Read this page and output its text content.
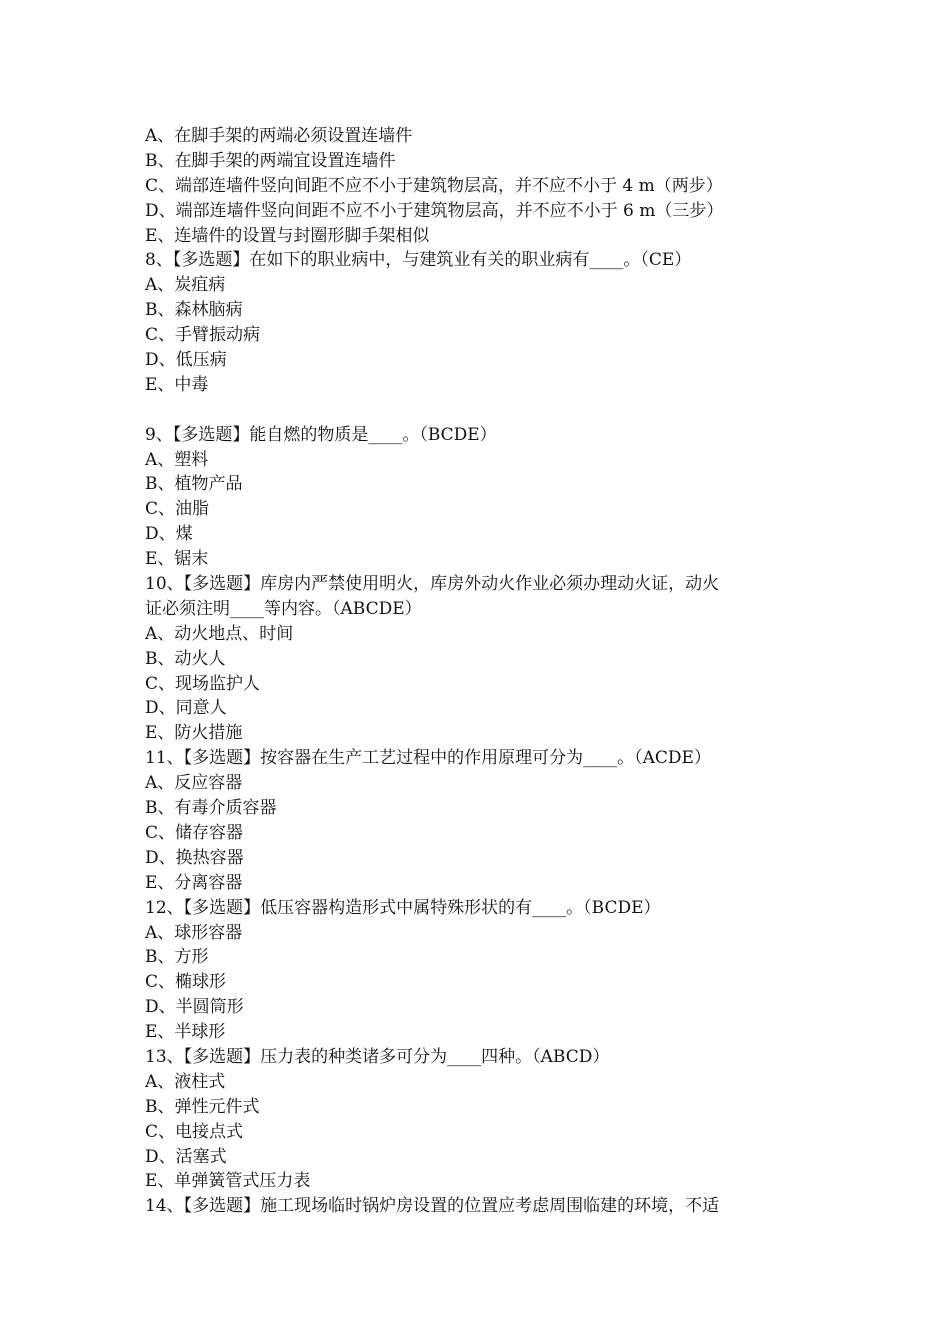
A、在脚手架的两端必须设置连墙件
B、在脚手架的两端宜设置连墙件
C、端部连墙件竖向间距不应不小于建筑物层高，并不应不小于 4 m（两步）
D、端部连墙件竖向间距不应不小于建筑物层高，并不应不小于 6 m（三步）
E、连墙件的设置与封圈形脚手架相似
8、【多选题】在如下的职业病中，与建筑业有关的职业病有____。（CE）
A、炭疽病
B、森林脑病
C、手臂振动病
D、低压病
E、中毒
9、【多选题】能自燃的物质是____。（BCDE）
A、塑料
B、植物产品
C、油脂
D、煤
E、锯末
10、【多选题】库房内严禁使用明火，库房外动火作业必须办理动火证，动火
证必须注明____等内容。（ABCDE）
A、动火地点、时间
B、动火人
C、现场监护人
D、同意人
E、防火措施
11、【多选题】按容器在生产工艺过程中的作用原理可分为____。（ACDE）
A、反应容器
B、有毒介质容器
C、储存容器
D、换热容器
E、分离容器
12、【多选题】低压容器构造形式中属特殊形状的有____。（BCDE）
A、球形容器
B、方形
C、椭球形
D、半圆筒形
E、半球形
13、【多选题】压力表的种类诸多可分为____四种。（ABCD）
A、液柱式
B、弹性元件式
C、电接点式
D、活塞式
E、单弹簧管式压力表
14、【多选题】施工现场临时锅炉房设置的位置应考虑周围临建的环境，不适
